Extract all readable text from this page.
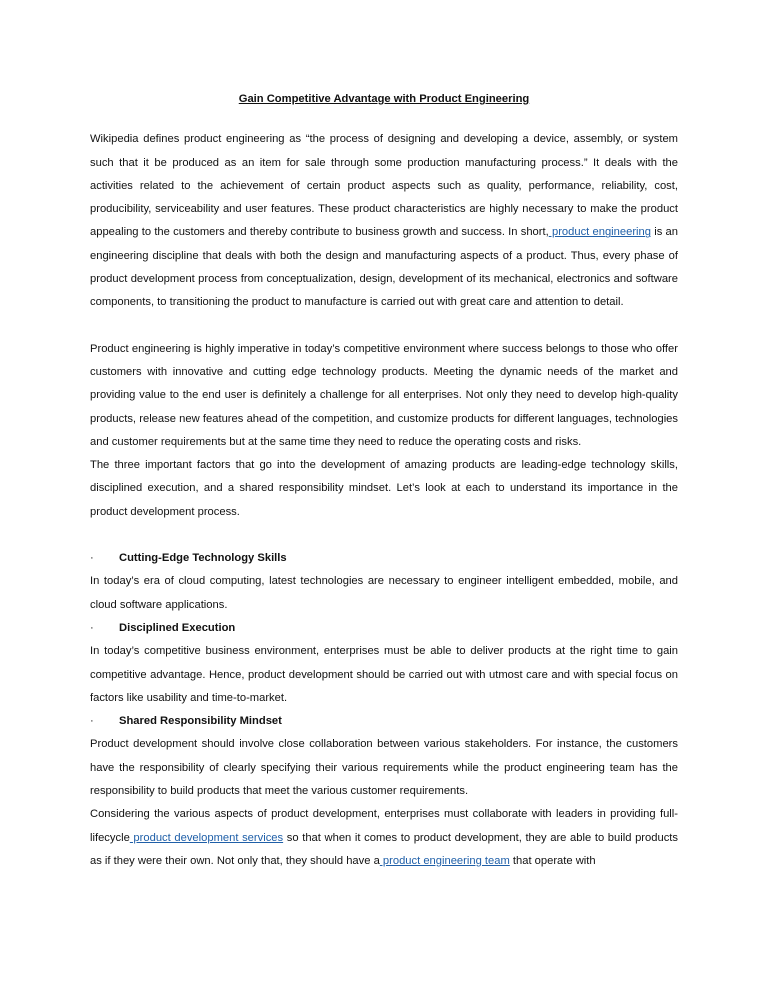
Gain Competitive Advantage with Product Engineering

Wikipedia defines product engineering as “the process of designing and developing a device, assembly, or system such that it be produced as an item for sale through some production manufacturing process.” It deals with the activities related to the achievement of certain product aspects such as quality, performance, reliability, cost, producibility, serviceability and user features. These product characteristics are highly necessary to make the product appealing to the customers and thereby contribute to business growth and success. In short, product engineering is an engineering discipline that deals with both the design and manufacturing aspects of a product. Thus, every phase of product development process from conceptualization, design, development of its mechanical, electronics and software components, to transitioning the product to manufacture is carried out with great care and attention to detail.

Product engineering is highly imperative in today’s competitive environment where success belongs to those who offer customers with innovative and cutting edge technology products. Meeting the dynamic needs of the market and providing value to the end user is definitely a challenge for all enterprises. Not only they need to develop high-quality products, release new features ahead of the competition, and customize products for different languages, technologies and customer requirements but at the same time they need to reduce the operating costs and risks.

The three important factors that go into the development of amazing products are leading-edge technology skills, disciplined execution, and a shared responsibility mindset. Let’s look at each to understand its importance in the product development process.

·	Cutting-Edge Technology Skills

In today’s era of cloud computing, latest technologies are necessary to engineer intelligent embedded, mobile, and cloud software applications.

·	Disciplined Execution

In today’s competitive business environment, enterprises must be able to deliver products at the right time to gain competitive advantage. Hence, product development should be carried out with utmost care and with special focus on factors like usability and time-to-market.

·	Shared Responsibility Mindset

Product development should involve close collaboration between various stakeholders. For instance, the customers have the responsibility of clearly specifying their various requirements while the product engineering team has the responsibility to build products that meet the various customer requirements.

Considering the various aspects of product development, enterprises must collaborate with leaders in providing full-lifecycle product development services so that when it comes to product development, they are able to build products as if they were their own. Not only that, they should have a product engineering team that operate with
